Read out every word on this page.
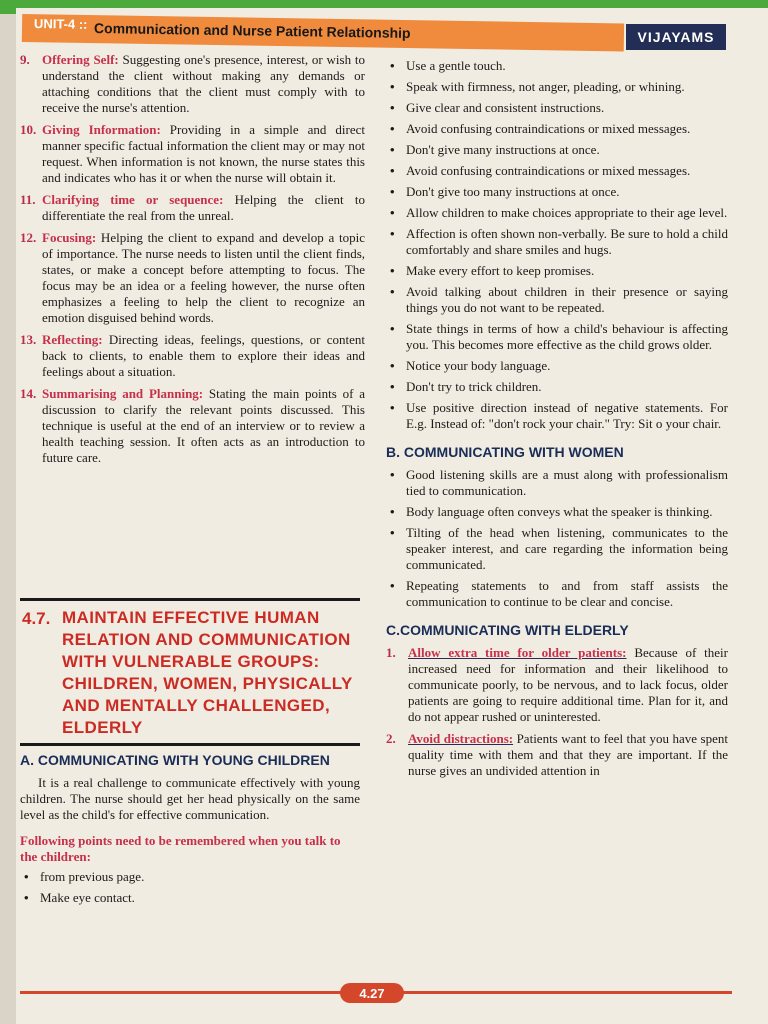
UNIT-4 :: Communication and Nurse Patient Relationship	VIJAYAMS
9. Offering Self: Suggesting one's presence, interest, or wish to understand the client without making any demands or attaching conditions that the client must comply with to receive the nurse's attention.
10. Giving Information: Providing in a simple and direct manner specific factual information the client may or may not request. When information is not known, the nurse states this and indicates who has it or when the nurse will obtain it.
11. Clarifying time or sequence: Helping the client to differentiate the real from the unreal.
12. Focusing: Helping the client to expand and develop a topic of importance. The nurse needs to listen until the client finds, states, or make a concept before attempting to focus. The focus may be an idea or a feeling however, the nurse often emphasizes a feeling to help the client to recognize an emotion disguised behind words.
13. Reflecting: Directing ideas, feelings, questions, or content back to clients, to enable them to explore their ideas and feelings about a situation.
14. Summarising and Planning: Stating the main points of a discussion to clarify the relevant points discussed. This technique is useful at the end of an interview or to review a health teaching session. It often acts as an introduction to future care.
4.7. MAINTAIN EFFECTIVE HUMAN RELATION AND COMMUNICATION WITH VULNERABLE GROUPS: CHILDREN, WOMEN, PHYSICALLY AND MENTALLY CHALLENGED, ELDERLY
A. COMMUNICATING WITH YOUNG CHILDREN
It is a real challenge to communicate effectively with young children. The nurse should get her head physically on the same level as the child's for effective communication.
Following points need to be remembered when you talk to the children:
• from previous page.
• Make eye contact.
• Use a gentle touch.
• Speak with firmness, not anger, pleading, or whining.
• Give clear and consistent instructions.
• Avoid confusing contraindications or mixed messages.
• Don't give many instructions at once.
• Avoid confusing contraindications or mixed messages.
• Don't give too many instructions at once.
• Allow children to make choices appropriate to their age level.
• Affection is often shown non-verbally. Be sure to hold a child comfortably and share smiles and hugs.
• Make every effort to keep promises.
• Avoid talking about children in their presence or saying things you do not want to be repeated.
• State things in terms of how a child's behaviour is affecting you. This becomes more effective as the child grows older.
• Notice your body language.
• Don't try to trick children.
• Use positive direction instead of negative statements. For E.g. Instead of: "don't rock your chair." Try: Sit o your chair.
B. COMMUNICATING WITH WOMEN
• Good listening skills are a must along with professionalism tied to communication.
• Body language often conveys what the speaker is thinking.
• Tilting of the head when listening, communicates to the speaker interest, and care regarding the information being communicated.
• Repeating statements to and from staff assists the communication to continue to be clear and concise.
C.COMMUNICATING WITH ELDERLY
1. Allow extra time for older patients: Because of their increased need for information and their likelihood to communicate poorly, to be nervous, and to lack focus, older patients are going to require additional time. Plan for it, and do not appear rushed or uninterested.
2. Avoid distractions: Patients want to feel that you have spent quality time with them and that they are important. If the nurse gives an undivided attention in
4.27
